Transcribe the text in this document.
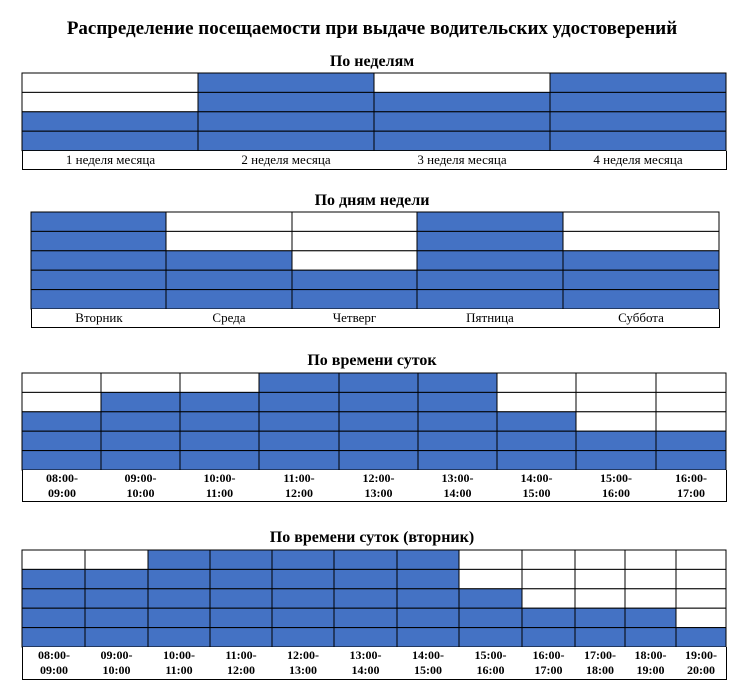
Распределение посещаемости при выдаче водительских удостоверений
По неделям
1 неделя месяца	2 неделя месяца	3 неделя месяца	4 неделя месяца
По дням недели
Вторник	Среда	Четверг	Пятница	Суббота
По времени суток
08:00-
09:00
09:00-
10:00
10:00-
11:00
11:00-
12:00
12:00-
13:00
13:00-
14:00
14:00-
15:00
15:00-
16:00
16:00-
17:00
По времени суток (вторник)
08:00-
09:00
09:00-
10:00
10:00-
11:00
11:00-
12:00
12:00-
13:00
13:00-
14:00
14:00-
15:00
15:00-
16:00
16:00-
17:00
17:00-
18:00
18:00-
19:00
19:00-
20:00
